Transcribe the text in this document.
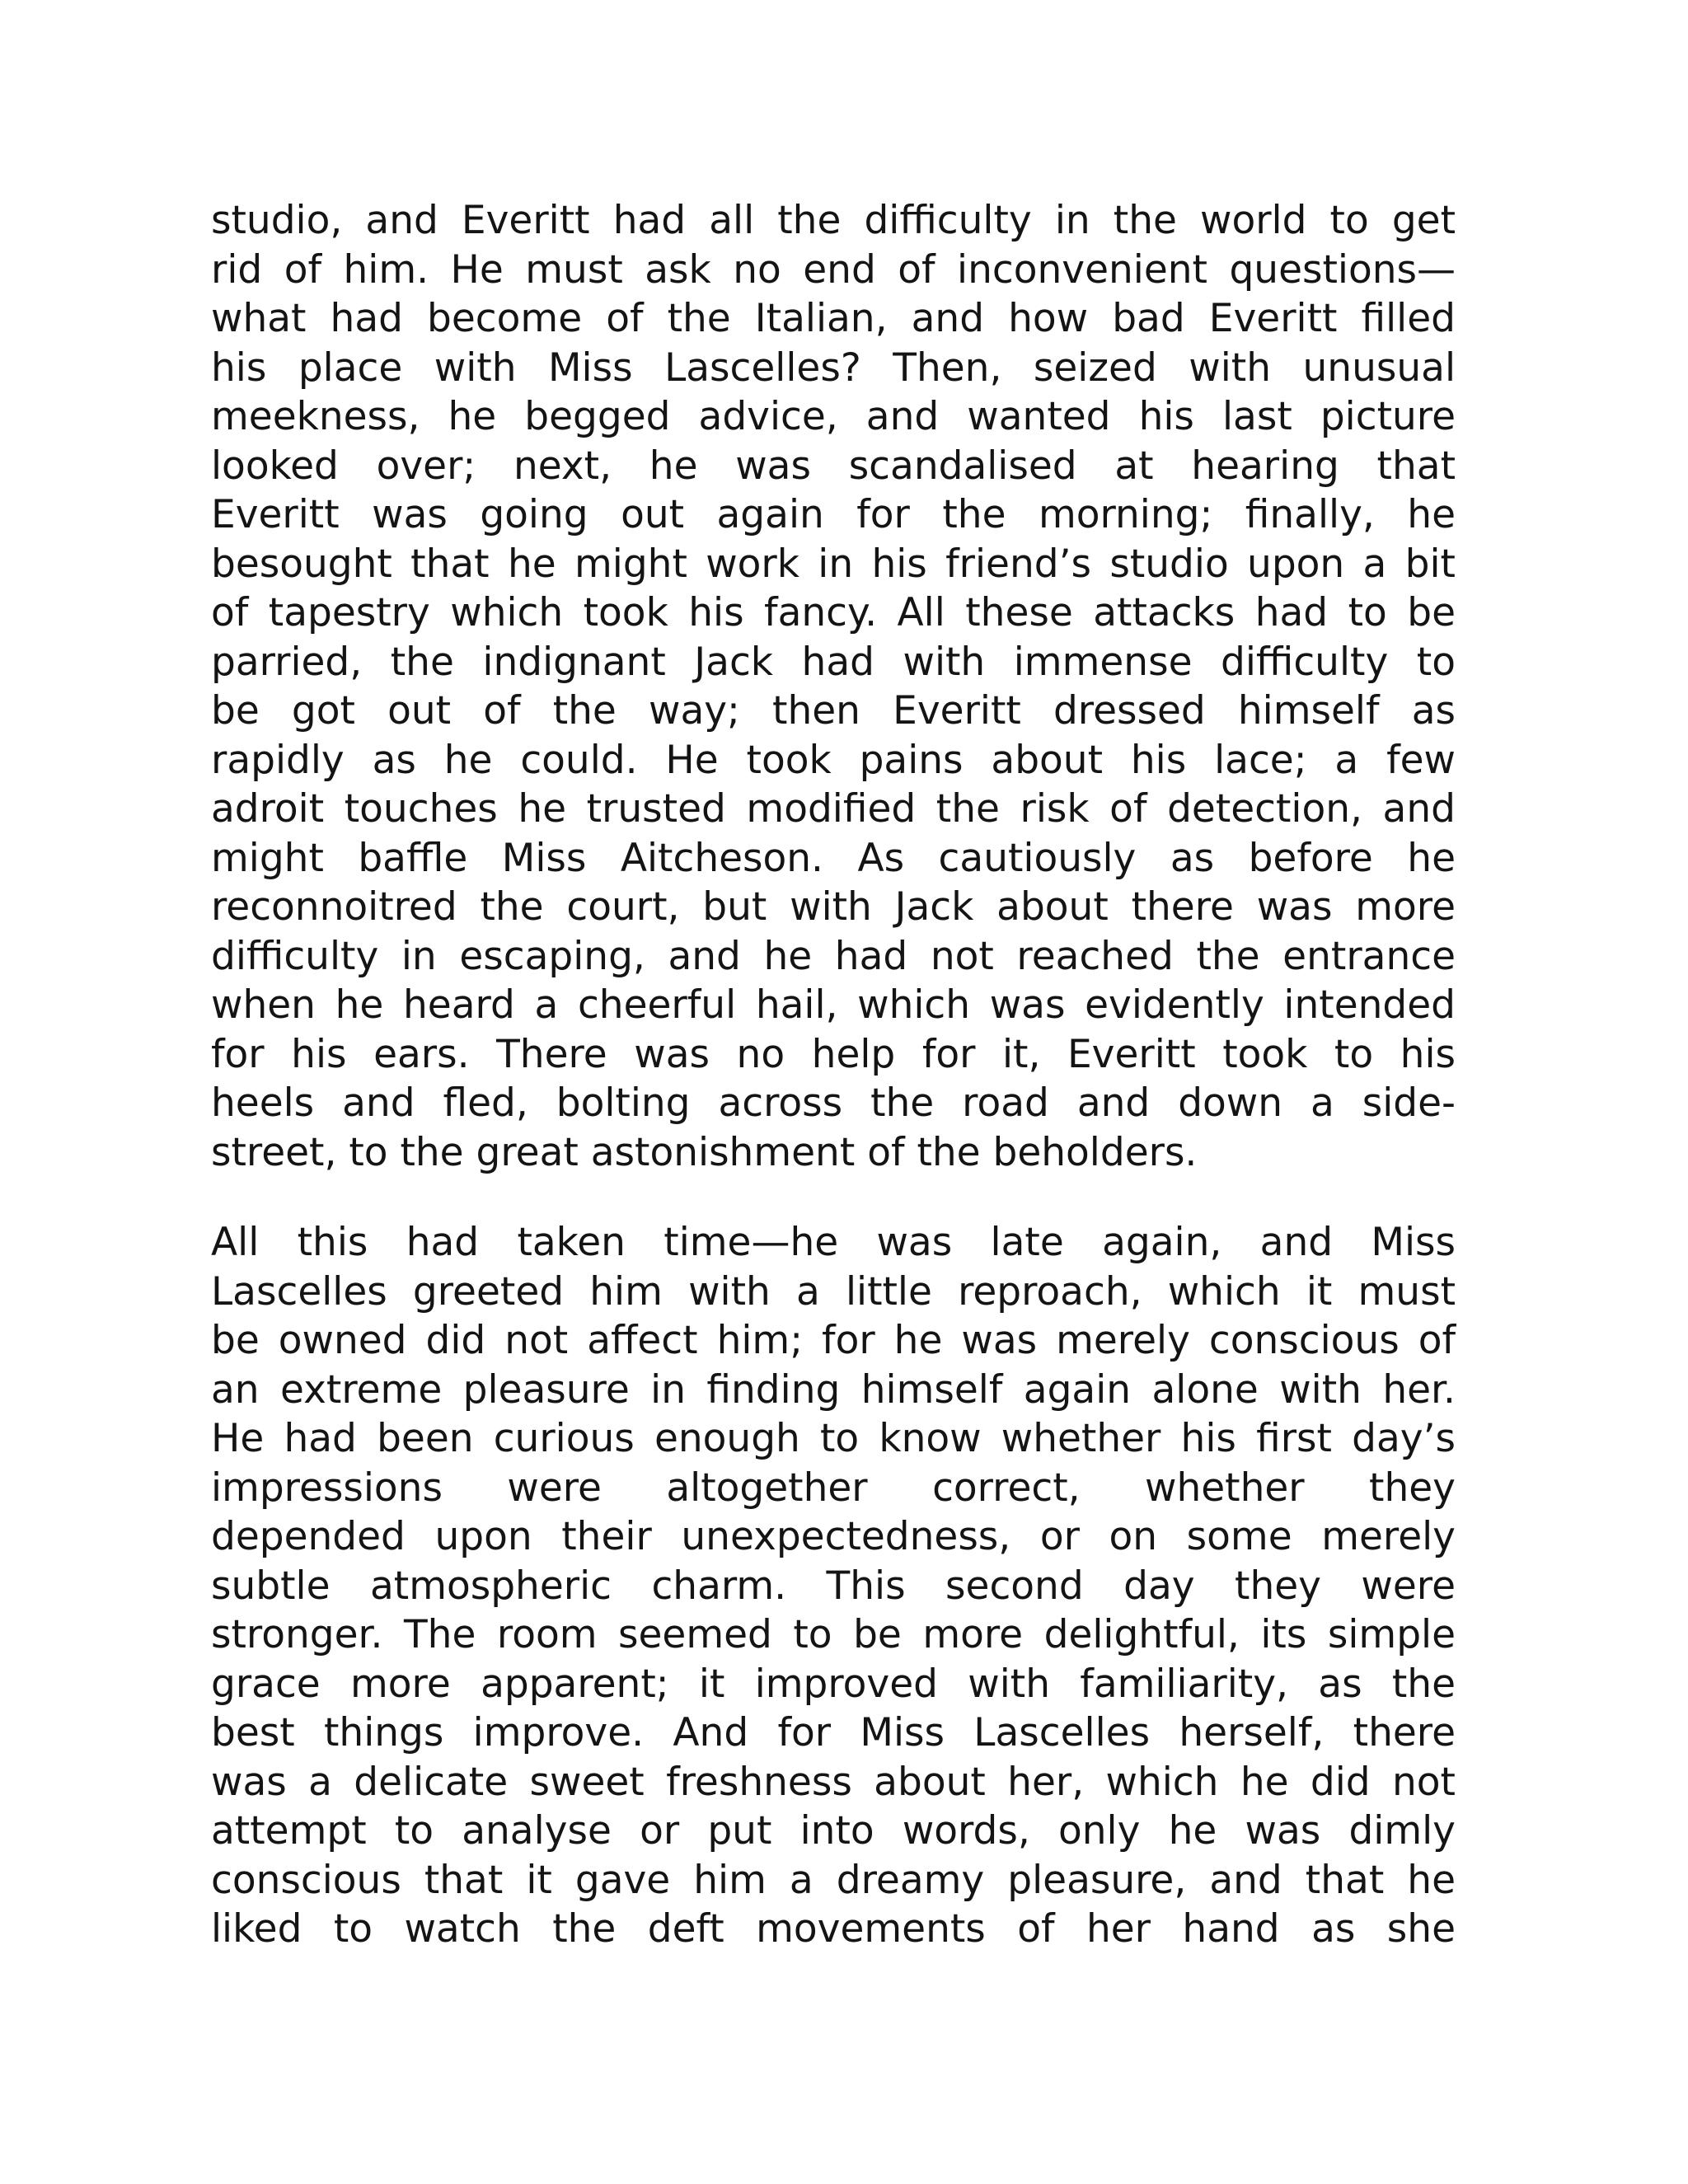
studio, and Everitt had all the difficulty in the world to get
rid of him. He must ask no end of inconvenient questions—
what had become of the Italian, and how bad Everitt filled
his place with Miss Lascelles? Then, seized with unusual
meekness, he begged advice, and wanted his last picture
looked over; next, he was scandalised at hearing that
Everitt was going out again for the morning; finally, he
besought that he might work in his friend’s studio upon a bit
of tapestry which took his fancy. All these attacks had to be
parried, the indignant Jack had with immense difficulty to
be got out of the way; then Everitt dressed himself as
rapidly as he could. He took pains about his lace; a few
adroit touches he trusted modified the risk of detection, and
might baffle Miss Aitcheson. As cautiously as before he
reconnoitred the court, but with Jack about there was more
difficulty in escaping, and he had not reached the entrance
when he heard a cheerful hail, which was evidently intended
for his ears. There was no help for it, Everitt took to his
heels and fled, bolting across the road and down a side-
street, to the great astonishment of the beholders.
All this had taken time—he was late again, and Miss
Lascelles greeted him with a little reproach, which it must
be owned did not affect him; for he was merely conscious of
an extreme pleasure in finding himself again alone with her.
He had been curious enough to know whether his first day’s
impressions were altogether correct, whether they
depended upon their unexpectedness, or on some merely
subtle atmospheric charm. This second day they were
stronger. The room seemed to be more delightful, its simple
grace more apparent; it improved with familiarity, as the
best things improve. And for Miss Lascelles herself, there
was a delicate sweet freshness about her, which he did not
attempt to analyse or put into words, only he was dimly
conscious that it gave him a dreamy pleasure, and that he
liked to watch the deft movements of her hand as she
